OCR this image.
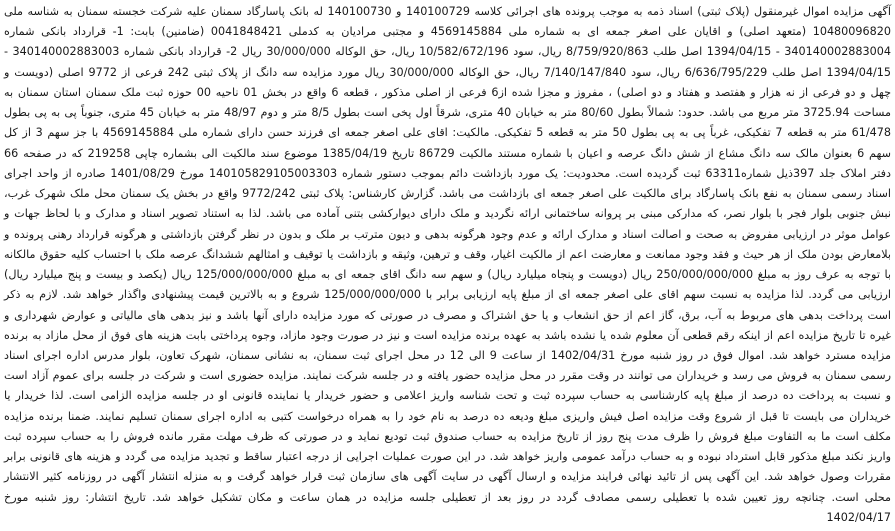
آگهی مزایده اموال غیرمنقول (پلاک ثبتی) اسناد ذمه به موجب پرونده های اجرائی کلاسه 140100729 و 140100730 له بانک پاسارگاد سمنان علیه شرکت خجسته سمنان به شناسه ملی 10480096820 (متعهد اصلی) و اقایان علی اصغر جمعه ای به شماره ملی 4569145884 و مجتبی مرادیان به کدملی 0041848421 (ضامنین) بابت: 1- قرارداد بانکی شماره 340140002883004 - 1394/04/15 اصل طلب 8/759/920/863 ریال، سود 10/582/672/196 ریال، حق الوکاله 30/000/000 ریال 2- قرارداد بانکی شماره 340140002883003 - 1394/04/15 اصل طلب 6/636/795/229 ریال، سود 7/140/147/840 ریال، حق الوکاله 30/000/000 ریال مورد مزایده سه دانگ از پلاک ثبتی 242 فرعی از 9772 اصلی (دویست و چهل و دو فرعی از نه هزار و هفتصد و هفتاد و دو اصلی) ، مفروز و مجزا شده از6 فرعی از اصلی مذکور ، قطعه 6 واقع در بخش 01 ناحیه 00 حوزه ثبت ملک سمنان استان سمنان به مساحت 3725.94 متر مربع می باشد. حدود: شمالاً بطول 80/60 متر به خیابان 40 متری، شرقاً اول پخی است بطول 8/5 متر و دوم 48/97 متر به خیابان 45 متری، جنوباً پی به پی بطول 61/478 متر به قطعه 7 تفکیکی، غرباً پی به پی بطول 50 متر به قطعه 5 تفکیکی. مالکیت: اقای علی اصغر جمعه ای فرزند حسن دارای شماره ملی 4569145884 با جز سهم 3 از کل سهم 6 بعنوان مالک سه دانگ مشاع از شش دانگ عرصه و اعیان با شماره مستند مالکیت 86729 تاریخ 1385/04/19 موضوع سند مالکیت الی بشماره چاپی 219258 که در صفحه 66 دفتر املاک جلد 397ذیل شماره63311 ثبت گردیده است. محدودیت: یک مورد بازداشت دائم بموجب دستور شماره 140105829105003303 مورخ 1401/08/29 صادره از واحد اجرای اسناد رسمی سمنان به نفع بانک پاسارگاد برای مالکیت علی اصغر جمعه ای بازداشت می باشد. گزارش کارشناس: پلاک ثبتی 9772/242 واقع در بخش یک سمنان محل ملک شهرک غرب، نبش جنوبی بلوار فجر با بلوار نصر، که مدارکی مبنی بر پروانه ساختمانی ارائه نگردید و ملک دارای دیوارکشی بتنی آماده می باشد. لذا به استناد تصویر اسناد و مدارک و با لحاظ جهات و عوامل موثر در ارزیابی مفروض به صحت و اصالت اسناد و مدارک ارائه و عدم وجود هرگونه بدهی و دیون مترتب بر ملک و بدون در نظر گرفتن بازداشتی و هرگونه قرارداد رهنی پرونده و بلامعارض بودن ملک از هر حیث و فقد وجود ممانعت و معارضت اعم از مالکیت اغیار، وقف و ترهین، وثیقه و بازداشت یا توقیف و امثالهم ششدانگ عرصه ملک با احتساب کلیه حقوق مالکانه با توجه به عرف روز به مبلغ 250/000/000/000 ریال (دویست و پنجاه میلیارد ریال) و سهم سه دانگ اقای جمعه ای به مبلغ 125/000/000/000 ریال (یکصد و بیست و پنج میلیارد ریال) ارزیابی می گردد. لذا مزایده به نسبت سهم اقای علی اصغر جمعه ای از مبلغ پایه ارزیابی برابر با 125/000/000/000 شروع و به بالاترین قیمت پیشنهادی واگذار خواهد شد. لازم به ذکر است پرداخت بدهی های مربوط به آب، برق، گاز اعم از حق انشعاب و یا حق اشتراک و مصرف در صورتی که مورد مزایده دارای آنها باشد و نیز بدهی های مالیاتی و عوارض شهرداری و غیره تا تاریخ مزایده اعم از اینکه رقم قطعی آن معلوم شده یا نشده باشد به عهده برنده مزایده است و نیز در صورت وجود مازاد، وجوه پرداختی بابت هزینه های فوق از محل مازاد به برنده مزایده مسترد خواهد شد. اموال فوق در روز شنبه مورخ 1402/04/31 از ساعت 9 الی 12 در محل اجرای ثبت سمنان، به نشانی سمنان، شهرک تعاون، بلوار مدرس اداره اجرای اسناد رسمی سمنان به فروش می رسد و خریداران می توانند در وقت مقرر در محل مزایده حضور یافته و در جلسه شرکت نمایند. مزایده حضوری است و شرکت در جلسه برای عموم آزاد است و نسبت به پرداخت ده درصد از مبلغ پایه کارشناسی به حساب سپرده ثبت و تحت شناسه واریز اعلامی و حضور خریدار یا نماینده قانونی او در جلسه مزایده الزامی است. لذا خریدار یا خریداران می بایست تا قبل از شروع وقت مزایده اصل فیش واریزی مبلغ ودیعه ده درصد به نام خود را به همراه درخواست کتبی به اداره اجرای سمنان تسلیم نمایند. ضمنا برنده مزایده مکلف است ما به التفاوت مبلغ فروش را ظرف مدت پنج روز از تاریخ مزایده به حساب صندوق ثبت تودیع نماید و در صورتی که ظرف مهلت مقرر مانده فروش را به حساب سپرده ثبت واریز نکند مبلغ مذکور قابل استرداد نبوده و به حساب درآمد عمومی واریز خواهد شد. در این صورت عملیات اجرایی از درجه اعتبار ساقط و تجدید مزایده می گردد و هزینه های قانونی برابر مقررات وصول خواهد شد. این آگهی پس از تائید نهائی فرایند مزایده و ارسال آگهی در سایت آگهی های سازمان ثبت قرار خواهد گرفت و به منزله انتشار آگهی در روزنامه کثیر الانتشار محلی است. چنانچه روز تعیین شده با تعطیلی رسمی مصادف گردد در روز بعد از تعطیلی جلسه مزایده در همان ساعت و مکان تشکیل خواهد شد. تاریخ انتشار: روز شنبه مورخ 1402/04/17
